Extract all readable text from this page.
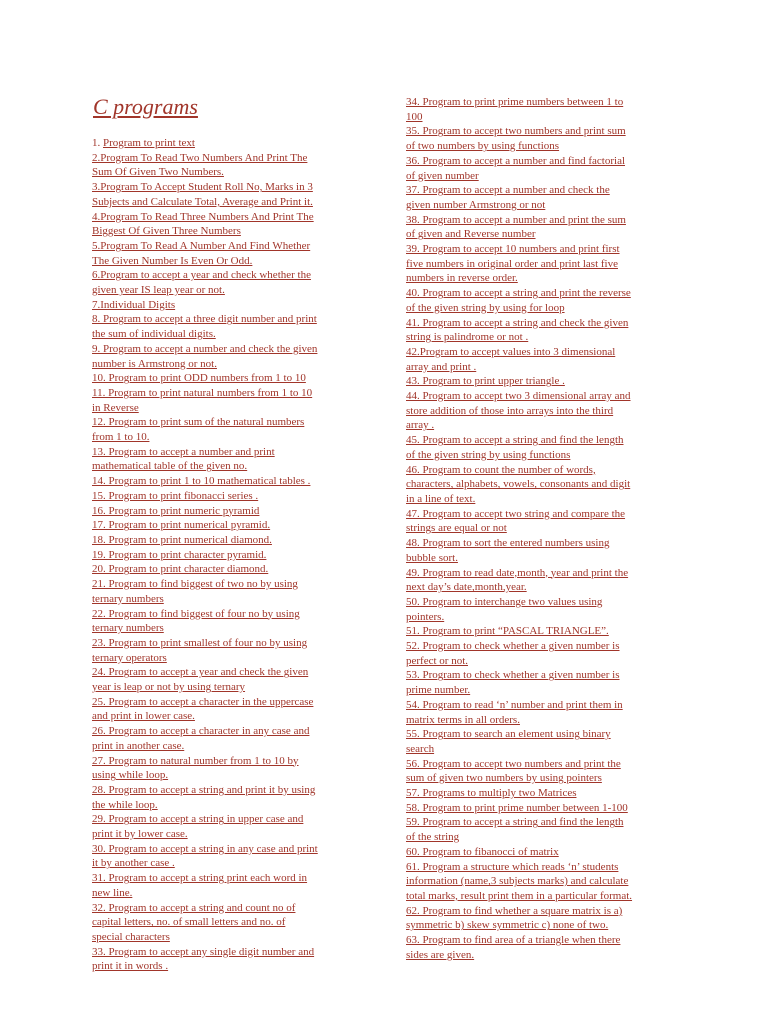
C programs
1. Program to print text
2.Program To Read Two Numbers And Print The
Sum Of Given Two Numbers.
3.Program To Accept Student Roll No, Marks in 3
Subjects and Calculate Total, Average and Print it.
4.Program To Read Three Numbers And Print The
Biggest Of Given Three Numbers
5.Program To Read A Number And Find Whether
The Given Number Is Even Or Odd.
6.Program to accept a year and check whether the
given year IS leap year or not.
7.Individual Digits
8. Program to accept a three digit number and print
the sum of individual digits.
9. Program to accept a number and check the given
number is Armstrong or not.
10. Program to print ODD numbers from 1 to 10
11. Program to print natural numbers from 1 to 10
in Reverse
12. Program to print sum of the natural numbers
from 1 to 10.
13. Program to accept a number and print
mathematical table of the given no.
14. Program to print 1 to 10 mathematical tables .
15. Program to print fibonacci series .
16. Program to print numeric pyramid
17. Program to print numerical pyramid.
18. Program to print numerical diamond.
19. Program to print character pyramid.
20. Program to print character diamond.
21. Program to find biggest of two no by using
ternary numbers
22. Program to find biggest of four no by using
ternary numbers
23. Program to print smallest of four no by using
ternary operators
24. Program to accept a year and check the given
year is leap or not by using ternary
25. Program to accept a character in the uppercase
and print in lower case.
26. Program to accept a character in any case and
print in another case.
27. Program to natural number from 1 to 10 by
using while loop.
28. Program to accept a string and print it by using
the while loop.
29. Program to accept a string in upper case and
print it by lower case.
30. Program to accept a string in any case and print
it by another case .
31. Program to accept a string print each word in
new line.
32. Program to accept a string and count no of
capital letters, no. of small letters and no. of
special characters
33. Program to accept any single digit number and
print it in words .
34. Program to print prime numbers between 1 to
100
35. Program to accept two numbers and print sum
of two numbers by using functions
36. Program to accept a number and find factorial
of given number
37. Program to accept a number and check the
given number Armstrong or not
38. Program to accept a number and print the sum
of given and Reverse number
39. Program to accept 10 numbers and print first
five numbers in original order and print last five
numbers in reverse order.
40. Program to accept a string and print the reverse
of the given string by using for loop
41. Program to accept a string and check the given
string is palindrome or not .
42.Program to accept values into 3 dimensional
array and print .
43. Program to print upper triangle .
44. Program to accept two 3 dimensional array and
store addition of those into arrays into the third
array .
45. Program to accept a string and find the length
of the given string by using functions
46. Program to count the number of words,
characters, alphabets, vowels, consonants and digit
in a line of text.
47. Program to accept two string and compare the
strings are equal or not
48. Program to sort the entered numbers using
bubble sort.
49. Program to read date,month, year and print the
next day’s date,month,year.
50. Program to interchange two values using
pointers.
51. Program to print “PASCAL TRIANGLE”.
52. Program to check whether a given number is
perfect or not.
53. Program to check whether a given number is
prime number.
54. Program to read ‘n’ number and print them in
matrix terms in all orders.
55. Program to search an element using binary
search
56. Program to accept two numbers and print the
sum of given two numbers by using pointers
57. Programs to multiply two Matrices
58. Program to print prime number between 1-100
59. Program to accept a string and find the length
of the string
60. Program to fibanocci of matrix
61. Program a structure which reads ‘n’ students
information (name,3 subjects marks) and calculate
total marks, result print them in a particular format.
62. Program to find whether a square matrix is a)
symmetric b) skew symmetric c) none of two.
63. Program to find area of a triangle when there
sides are given.
